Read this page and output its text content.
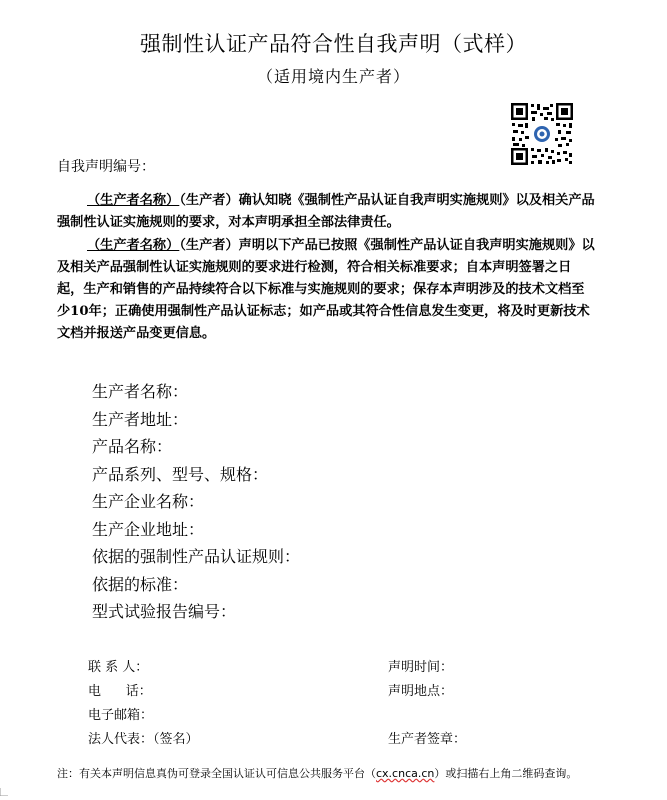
强制性认证产品符合性自我声明（式样）
（适用境内生产者）
自我声明编号：
（生产者名称）（生产者）确认知晓《强制性产品认证自我声明实施规则》以及相关产品强制性认证实施规则的要求，对本声明承担全部法律责任。
（生产者名称）（生产者）声明以下产品已按照《强制性产品认证自我声明实施规则》以及相关产品强制性认证实施规则的要求进行检测，符合相关标准要求；自本声明签署之日起，生产和销售的产品持续符合以下标准与实施规则的要求；保存本声明涉及的技术文档至少10年；正确使用强制性产品认证标志；如产品或其符合性信息发生变更，将及时更新技术文档并报送产品变更信息。
生产者名称：
生产者地址：
产品名称：
产品系列、型号、规格：
生产企业名称：
生产企业地址：
依据的强制性产品认证规则：
依据的标准：
型式试验报告编号：
联 系 人：	声明时间：
电      话：	声明地点：
电子邮箱：
法人代表：（签名）	生产者签章：
注：有关本声明信息真伪可登录全国认证认可信息公共服务平台（cx.cnca.cn）或扫描右上角二维码查询。
